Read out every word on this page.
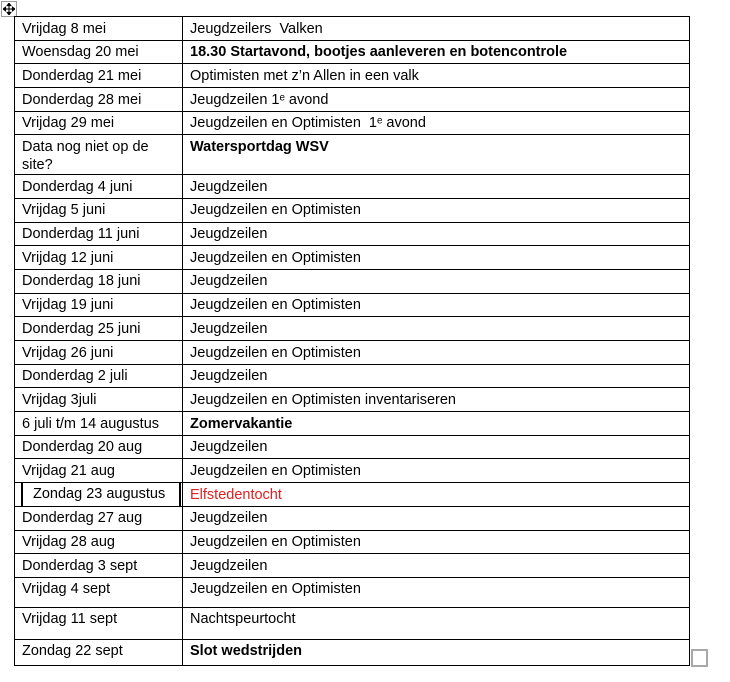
Vrijdag 8 mei	Jeugdzeilers  Valken
Woensdag 20 mei	18.30 Startavond, bootjes aanleveren en botencontrole
Donderdag 21 mei	Optimisten met z’n Allen in een valk
Donderdag 28 mei	Jeugdzeilen 1ᵉ avond
Vrijdag 29 mei	Jeugdzeilen en Optimisten  1ᵉ avond
Data nog niet op de site?	Watersportdag WSV
Donderdag 4 juni	Jeugdzeilen
Vrijdag 5 juni	Jeugdzeilen en Optimisten
Donderdag 11 juni	Jeugdzeilen
Vrijdag 12 juni	Jeugdzeilen en Optimisten
Donderdag 18 juni	Jeugdzeilen
Vrijdag 19 juni	Jeugdzeilen en Optimisten
Donderdag 25 juni	Jeugdzeilen
Vrijdag 26 juni	Jeugdzeilen en Optimisten
Donderdag 2 juli	Jeugdzeilen
Vrijdag 3juli	Jeugdzeilen en Optimisten inventariseren
6 juli t/m 14 augustus	Zomervakantie
Donderdag 20 aug	Jeugdzeilen
Vrijdag 21 aug	Jeugdzeilen en Optimisten

Zondag 23 augustus	Elfstedentocht
Donderdag 27 aug	Jeugdzeilen
Vrijdag 28 aug	Jeugdzeilen en Optimisten
Donderdag 3 sept	Jeugdzeilen
Vrijdag 4 sept	Jeugdzeilen en Optimisten
Vrijdag 11 sept	Nachtspeurtocht
Zondag 22 sept	Slot wedstrijden
